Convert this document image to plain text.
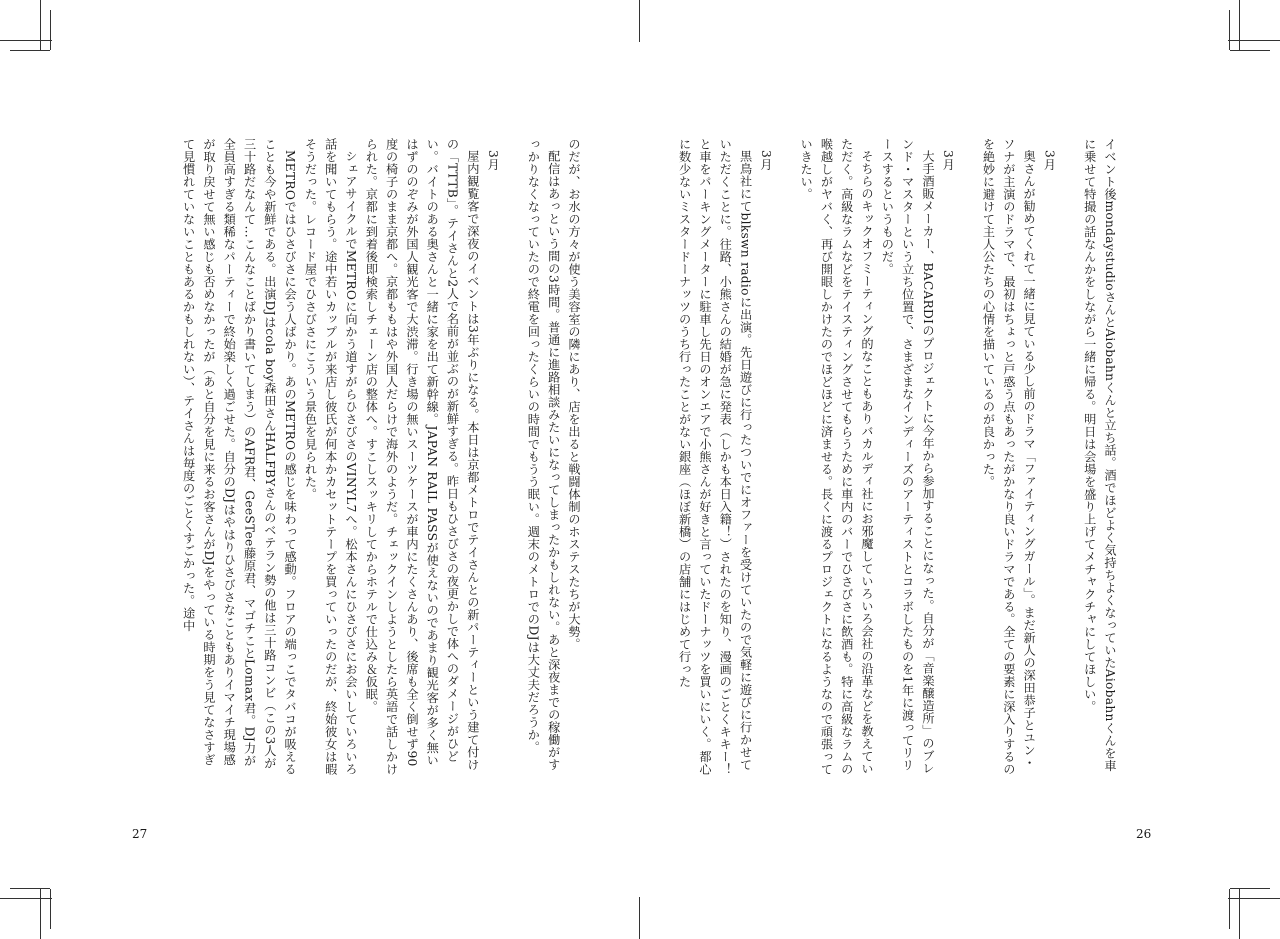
イベント後mondaystudioさんとAiobahnくんと立ち話。酒でほどよく気持ちよくなっていたAiobahnくんを車に乗せて特撮の話なんかをしながら一緒に帰る。明日は会場を盛り上げてメチャクチャにしてほしい。

3月

奥さんが勧めてくれて一緒に見ている少し前のドラマ「ファイティングガール」。まだ新人の深田恭子とユン・ソナが主演のドラマで、最初はちょっと戸惑う点もあったがかなり良いドラマである。全ての要素に深入りするのを絶妙に避けて主人公たちの心情を描いているのが良かった。

3月

大手酒販メーカー、BACARDIのプロジェクトに今年から参加することになった。自分が「音楽醸造所」のブレンド・マスターという立ち位置で、さまざまなインディーズのアーティストとコラボしたものを1年に渡ってリリースするというものだ。

そちらのキックオフミーティング的なこともありバカルディ社にお邪魔していろいろ会社の沿革などを教えていただく。高級なラムなどをテイスティングさせてもらうために車内のバーでひさびさに飲酒も。特に高級なラムの喉越しがヤバく、再び開眼しかけたのでほどほどに済ませる。長くに渡るプロジェクトになるようなので頑張っていきたい。

3月

黒鳥社にてblkswn radioに出演。先日遊びに行ったついでにオファーを受けていたので気軽に遊びに行かせていただくことに。往路、小熊さんの結婚が急に発表（しかも本日入籍！）されたのを知り、漫画のごとくキキー！と車をパーキングメーターに駐車し先日のオンエアで小熊さんが好きと言っていたドーナッツを買いにいく。都心に数少ないミスタードーナッツのうち行ったことがない銀座（ほぼ新橋）の店舗にはじめて行った

26

のだが、お水の方々が使う美容室の隣にあり、店を出ると戦闘体制のホステスたちが大勢。

配信はあっという間の3時間。普通に進路相談みたいになってしまったかもしれない。あと深夜までの稼働がすっかりなくなっていたので終電を回ったくらいの時間でもうう眠い。週末のメトロでのDJは大丈夫だろうか。

3月

屋内観覧客で深夜のイベントは3年ぶりになる。本日は京都メトロでテイさんとの新パーティーという建て付けの「TTTB」。テイさんと2人で名前が並ぶのが新鮮すぎる。昨日もひさびさの夜更かしで体へのダメージがひどい。バイトのある奥さんと一緒に家を出て新幹線。JAPAN RAIL PASSが使えないのであまり観光客が多く無いはずののぞみが外国人観光客で大渋滞。行き場の無いスーツケースが車内にたくさんあり、後席も全く倒せず90度の椅子のまま京都へ。京都ももはや外国人だらけで海外のようだ。チェックインしようとしたら英語で話しかけられた。京都に到着後即検索しチェーン店の整体へ。すこしスッキリしてからホテルで仕込み＆仮眠。

シェアサイクルでMETROに向かう道すがらひさびさのVINYL7へ。松本さんにひさびさにお会いしていろいろ話を聞いてもらう。途中若いカップルが来店し彼氏が何本かカセットテープを買っていったのだが、終始彼女は暇そうだった。レコード屋でひさびさにこういう景色を見られた。

METROではひさびさに会う人ばかり。あのMETROの感じを味わって感動。フロアの端っこでタバコが吸えることも今や新鮮である。出演DJはcola boy森田さんHALFBYさんのベテラン勢の他は三十路コンビ（この3人が三十路だなんて…こんなことばかり書いてしまう）のAFR君、GeeSTee藤原君、マゴチことLomax君。DJ力が全員高すぎる類稀なパーティーで終始楽しく過ごせた。自分のDJはやはりひさびさなこともありイマイチ現場感が取り戻せて無い感じも否めなかったが（あと自分を見に来るお客さんがDJをやっている時期をう見てなさすぎて見慣れていないこともあるかもしれない）、テイさんは毎度のごとくすごかった。途中

27
